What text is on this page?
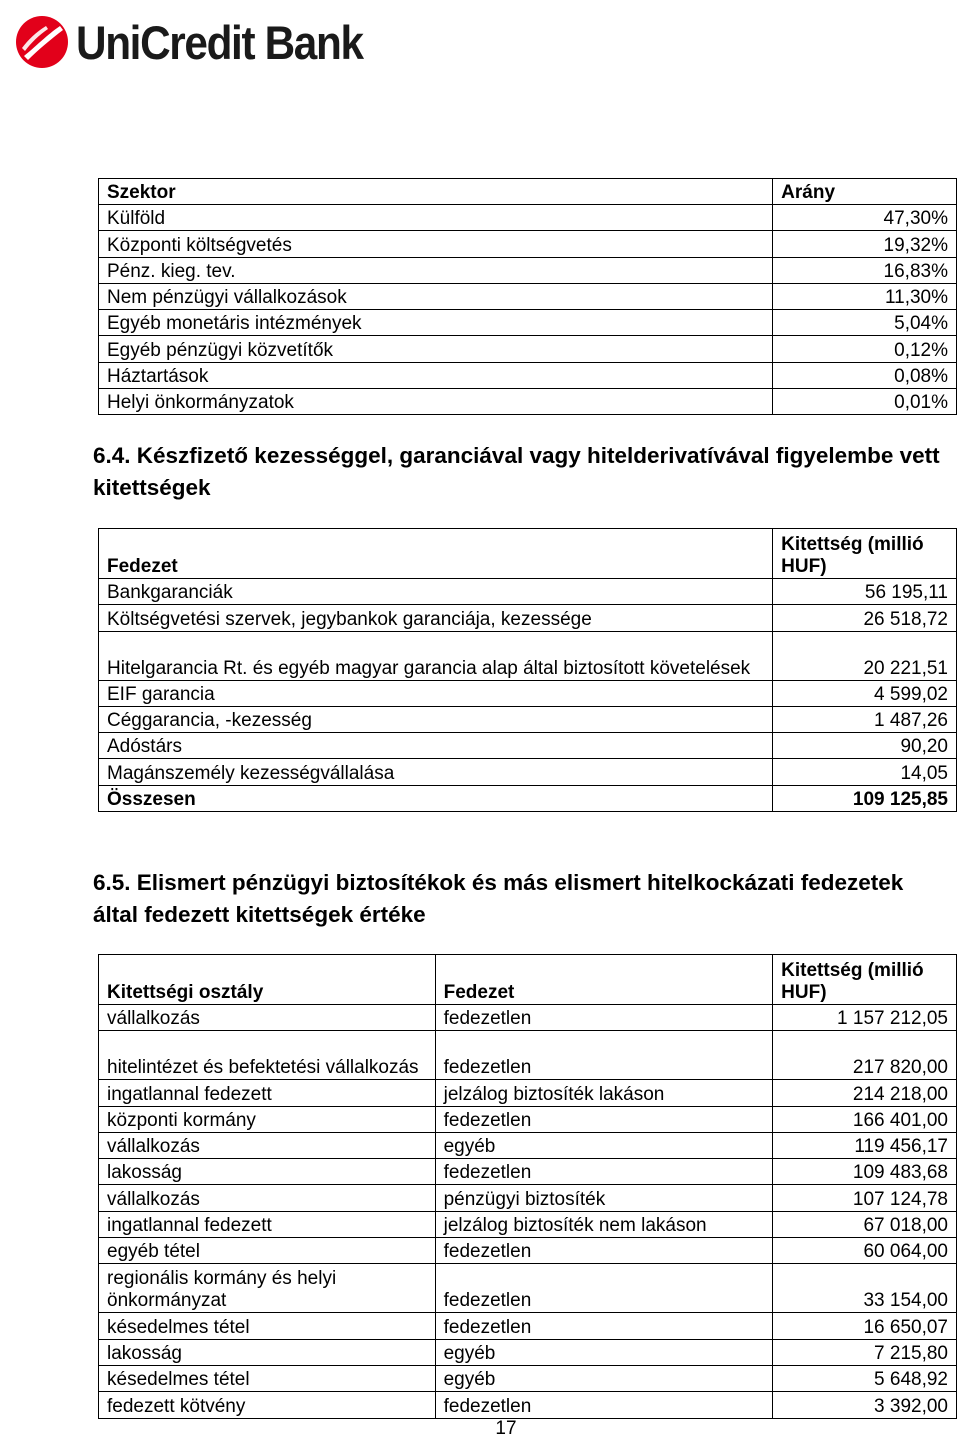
UniCredit Bank
Szektor	Arány
Külföld	47,30%
Központi költségvetés	19,32%
Pénz. kieg. tev.	16,83%
Nem pénzügyi vállalkozások	11,30%
Egyéb monetáris intézmények	5,04%
Egyéb pénzügyi közvetítők	0,12%
Háztartások	0,08%
Helyi önkormányzatok	0,01%
6.4. Készfizető kezességgel, garanciával vagy hitelderivatívával figyelembe vett kitettségek
Fedezet	Kitettség (millió HUF)
Bankgaranciák	56 195,11
Költségvetési szervek, jegybankok garanciája, kezessége	26 518,72
Hitelgarancia Rt. és egyéb magyar garancia alap által biztosított követelések	20 221,51
EIF garancia	4 599,02
Céggarancia, -kezesség	1 487,26
Adóstárs	90,20
Magánszemély kezességvállalása	14,05
Összesen	109 125,85
6.5. Elismert pénzügyi biztosítékok és más elismert hitelkockázati fedezetek által fedezett kitettségek értéke
Kitettségi osztály	Fedezet	Kitettség (millió HUF)
vállalkozás	fedezetlen	1 157 212,05
hitelintézet és befektetési vállalkozás	fedezetlen	217 820,00
ingatlannal fedezett	jelzálog biztosíték lakáson	214 218,00
központi kormány	fedezetlen	166 401,00
vállalkozás	egyéb	119 456,17
lakosság	fedezetlen	109 483,68
vállalkozás	pénzügyi biztosíték	107 124,78
ingatlannal fedezett	jelzálog biztosíték nem lakáson	67 018,00
egyéb tétel	fedezetlen	60 064,00
regionális kormány és helyi önkormányzat	fedezetlen	33 154,00
késedelmes tétel	fedezetlen	16 650,07
lakosság	egyéb	7 215,80
késedelmes tétel	egyéb	5 648,92
fedezett kötvény	fedezetlen	3 392,00
17
